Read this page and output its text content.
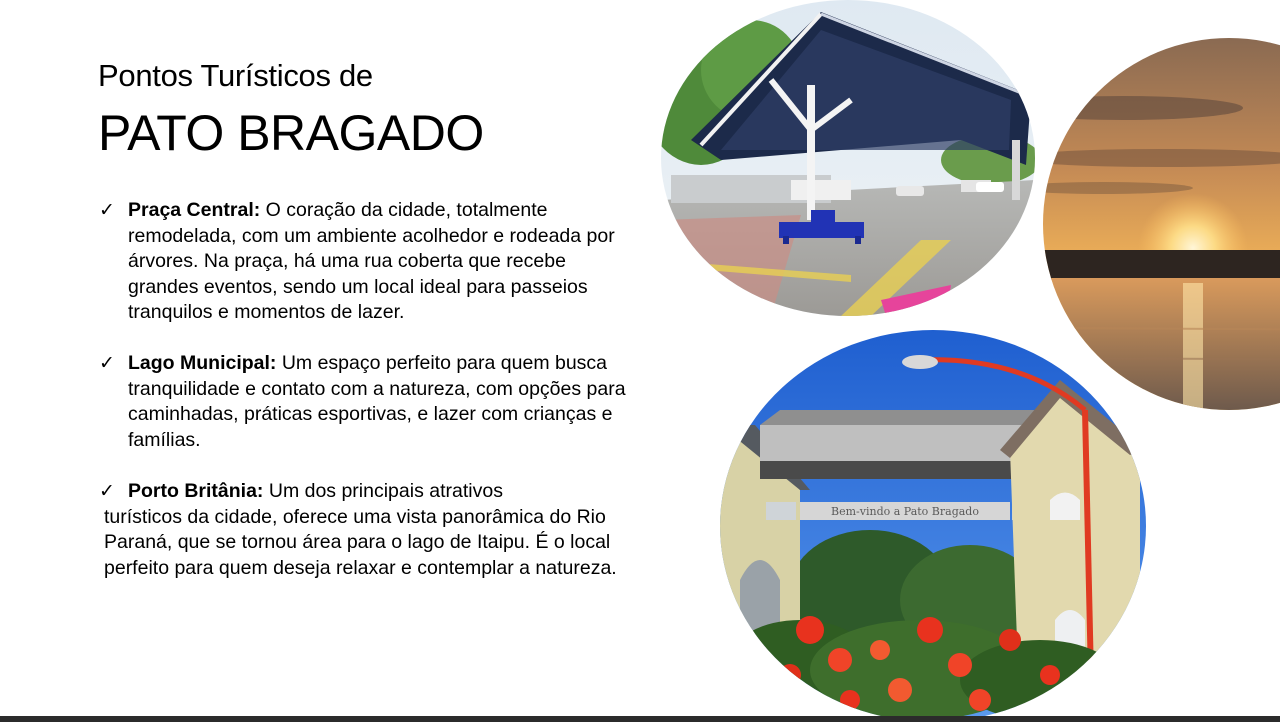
Pontos Turísticos de
PATO BRAGADO
✓ Praça Central: O coração da cidade, totalmente remodelada, com um ambiente acolhedor e rodeada por árvores. Na praça, há uma rua coberta que recebe grandes eventos, sendo um local ideal para passeios tranquilos e momentos de lazer.
✓ Lago Municipal: Um espaço perfeito para quem busca tranquilidade e contato com a natureza, com opções para caminhadas, práticas esportivas, e lazer com crianças e famílias.
✓ Porto Britânia: Um dos principais atrativos
turísticos da cidade, oferece uma vista panorâmica do Rio Paraná, que se tornou área para o lago de Itaipu. É o local perfeito para quem deseja relaxar e contemplar a natureza.
Bem-vindo a Pato Bragado
